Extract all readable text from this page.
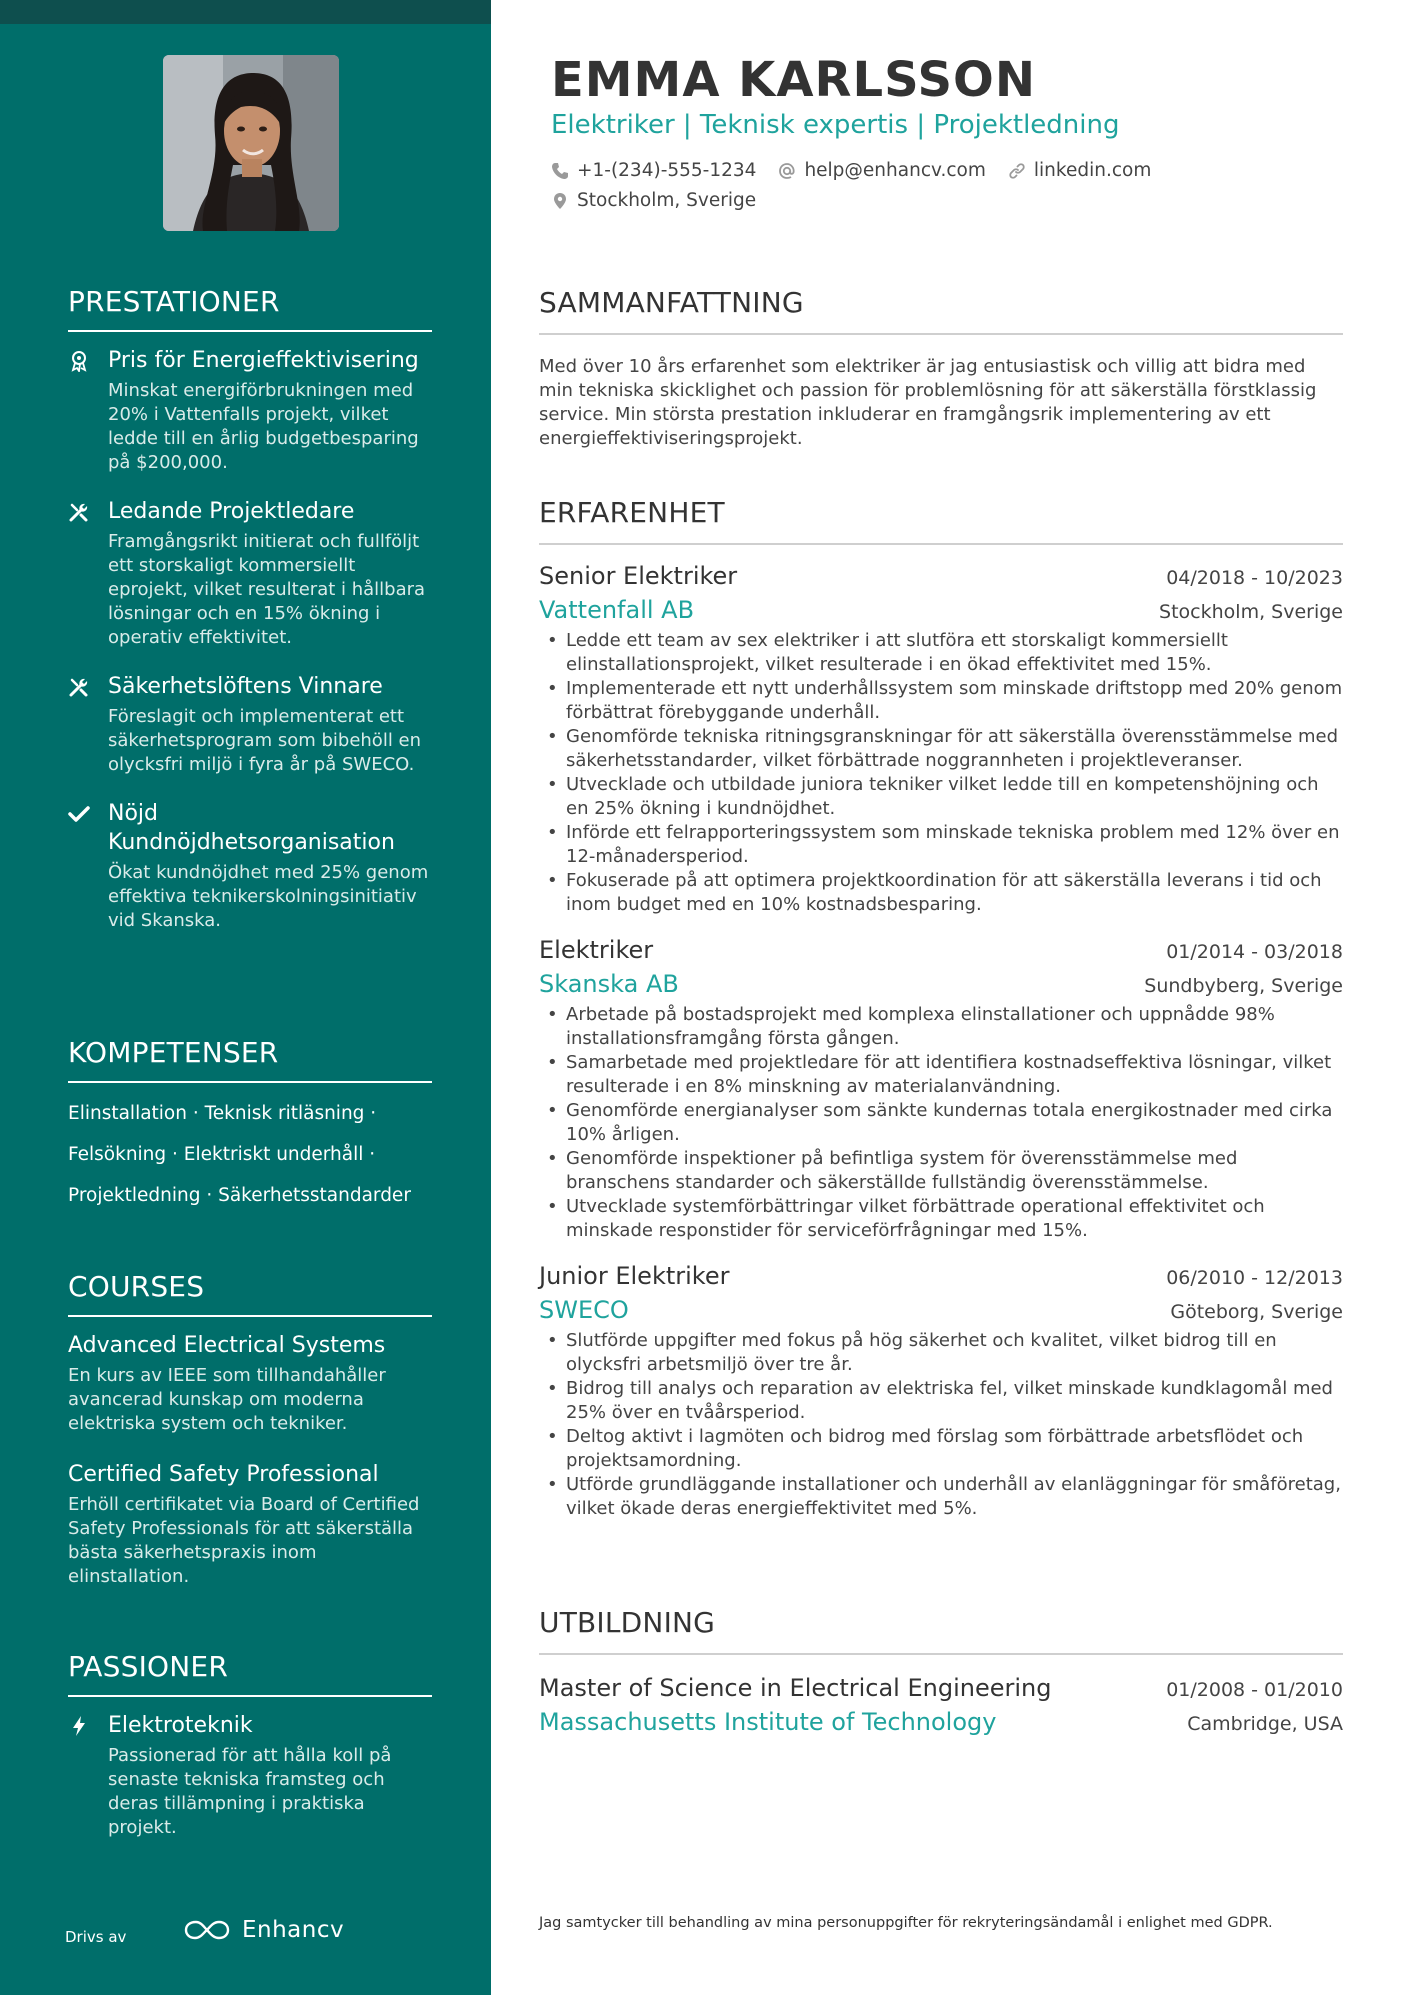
PRESTATIONER
Pris för Energieffektivisering
Minskat energiförbrukningen med 20% i Vattenfalls projekt, vilket ledde till en årlig budgetbesparing på $200,000.
Ledande Projektledare
Framgångsrikt initierat och fullföljt ett storskaligt kommersiellt eprojekt, vilket resulterat i hållbara lösningar och en 15% ökning i operativ effektivitet.
Säkerhetslöftens Vinnare
Föreslagit och implementerat ett säkerhetsprogram som bibehöll en olycksfri miljö i fyra år på SWECO.
Nöjd Kundnöjdhetsorganisation
Ökat kundnöjdhet med 25% genom effektiva teknikerskolningsinitiativ vid Skanska.
KOMPETENSER
Elinstallation · Teknisk ritläsning ·
Felsökning · Elektriskt underhåll ·
Projektledning · Säkerhetsstandarder
COURSES
Advanced Electrical Systems
En kurs av IEEE som tillhandahåller avancerad kunskap om moderna elektriska system och tekniker.
Certified Safety Professional
Erhöll certifikatet via Board of Certified Safety Professionals för att säkerställa bästa säkerhetspraxis inom elinstallation.
PASSIONER
Elektroteknik
Passionerad för att hålla koll på senaste tekniska framsteg och deras tillämpning i praktiska projekt.
Drivs av	Enhancv
EMMA KARLSSON
Elektriker | Teknisk expertis | Projektledning
+1-(234)-555-1234	help@enhancv.com	linkedin.com
Stockholm, Sverige
SAMMANFATTNING
Med över 10 års erfarenhet som elektriker är jag entusiastisk och villig att bidra med min tekniska skicklighet och passion för problemlösning för att säkerställa förstklassig service. Min största prestation inkluderar en framgångsrik implementering av ett energieffektiviseringsprojekt.
ERFARENHET
Senior Elektriker	04/2018 - 10/2023
Vattenfall AB	Stockholm, Sverige
• Ledde ett team av sex elektriker i att slutföra ett storskaligt kommersiellt elinstallationsprojekt, vilket resulterade i en ökad effektivitet med 15%.
• Implementerade ett nytt underhållssystem som minskade driftstopp med 20% genom förbättrat förebyggande underhåll.
• Genomförde tekniska ritningsgranskningar för att säkerställa överensstämmelse med säkerhetsstandarder, vilket förbättrade noggrannheten i projektleveranser.
• Utvecklade och utbildade juniora tekniker vilket ledde till en kompetenshöjning och en 25% ökning i kundnöjdhet.
• Införde ett felrapporteringssystem som minskade tekniska problem med 12% över en 12-månadersperiod.
• Fokuserade på att optimera projektkoordination för att säkerställa leverans i tid och inom budget med en 10% kostnadsbesparing.
Elektriker	01/2014 - 03/2018
Skanska AB	Sundbyberg, Sverige
• Arbetade på bostadsprojekt med komplexa elinstallationer och uppnådde 98% installationsframgång första gången.
• Samarbetade med projektledare för att identifiera kostnadseffektiva lösningar, vilket resulterade i en 8% minskning av materialanvändning.
• Genomförde energianalyser som sänkte kundernas totala energikostnader med cirka 10% årligen.
• Genomförde inspektioner på befintliga system för överensstämmelse med branschens standarder och säkerställde fullständig överensstämmelse.
• Utvecklade systemförbättringar vilket förbättrade operational effektivitet och minskade responstider för serviceförfrågningar med 15%.
Junior Elektriker	06/2010 - 12/2013
SWECO	Göteborg, Sverige
• Slutförde uppgifter med fokus på hög säkerhet och kvalitet, vilket bidrog till en olycksfri arbetsmiljö över tre år.
• Bidrog till analys och reparation av elektriska fel, vilket minskade kundklagomål med 25% över en tvåårsperiod.
• Deltog aktivt i lagmöten och bidrog med förslag som förbättrade arbetsflödet och projektsamordning.
• Utförde grundläggande installationer och underhåll av elanläggningar för småföretag, vilket ökade deras energieffektivitet med 5%.
UTBILDNING
Master of Science in Electrical Engineering	01/2008 - 01/2010
Massachusetts Institute of Technology	Cambridge, USA
Jag samtycker till behandling av mina personuppgifter för rekryteringsändamål i enlighet med GDPR.
